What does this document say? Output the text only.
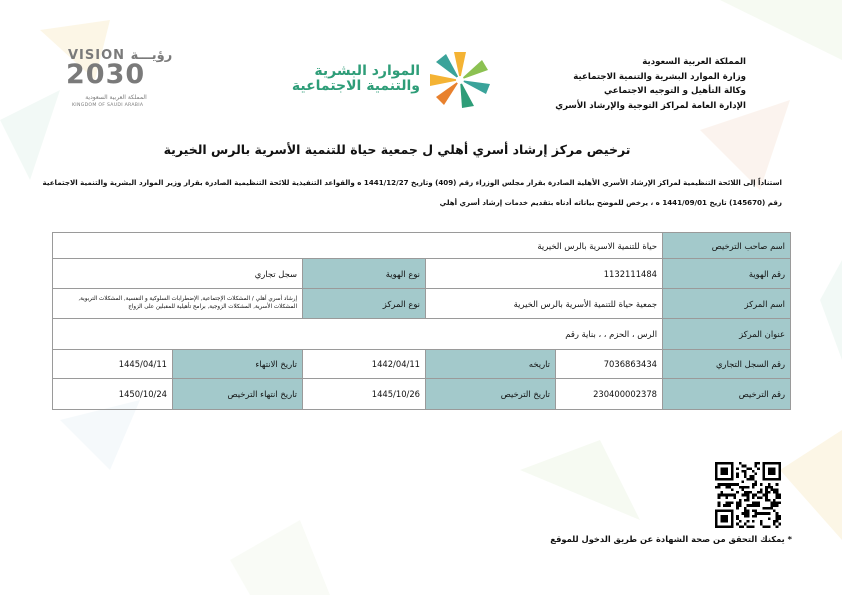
المملكة العربية السعودية
وزارة الموارد البشرية والتنمية الاجتماعية
وكالة التأهيل و التوجيه الاجتماعي
الإدارة العامة لمراكز التوجية والإرشاد الأسري
الموارد البشرية
والتنمية الاجتماعية
VISION رؤيـــة
2030
المملكة العربية السعودية
KINGDOM OF SAUDI ARABIA
ترخيص مركز إرشاد أسري أهلي ل جمعية حياة للتنمية الأسرية بالرس الخيرية
استناداً إلى اللائحة التنظيمية لمراكز الإرشاد الأسري الأهلية الصادرة بقرار مجلس الوزراء رقم (409) وتاريخ 1441/12/27 ه والقواعد التنفيذية للائحة التنظيمية الصادرة بقرار وزير الموارد البشرية والتنمية الاجتماعية
رقم (145670) تاريخ 1441/09/01 ه ، يرخص للموضح بياناته أدناه بتقديم خدمات إرشاد أسري أهلي
اسم صاحب الترخيص	حياة للتنمية الاسرية بالرس الخيرية				
رقم الهوية	1132111484		نوع الهوية	سجل تجاري	
اسم المركز	جمعية حياة للتنمية الأسرية بالرس الخيرية		نوع المركز	إرشاد أسري أهلي / المشكلات الإجتماعية, الإضطرابات السلوكية و النفسية, المشكلات التربوية, المشكلات الأسرية, المشكلات الزوجية, برامج تأهيلية للمقبلين على الزواج	
عنوان المركز	الرس ، الحزم ، ، بناية رقم				
رقم السجل التجاري	7036863434	تاريخه	1442/04/11	تاريخ الانتهاء	1445/04/11
رقم الترخيص	230400002378	تاريخ الترخيص	1445/10/26	تاريخ انتهاء الترخيص	1450/10/24
* يمكنك التحقق من صحة الشهادة عن طريق الدخول للموقع
